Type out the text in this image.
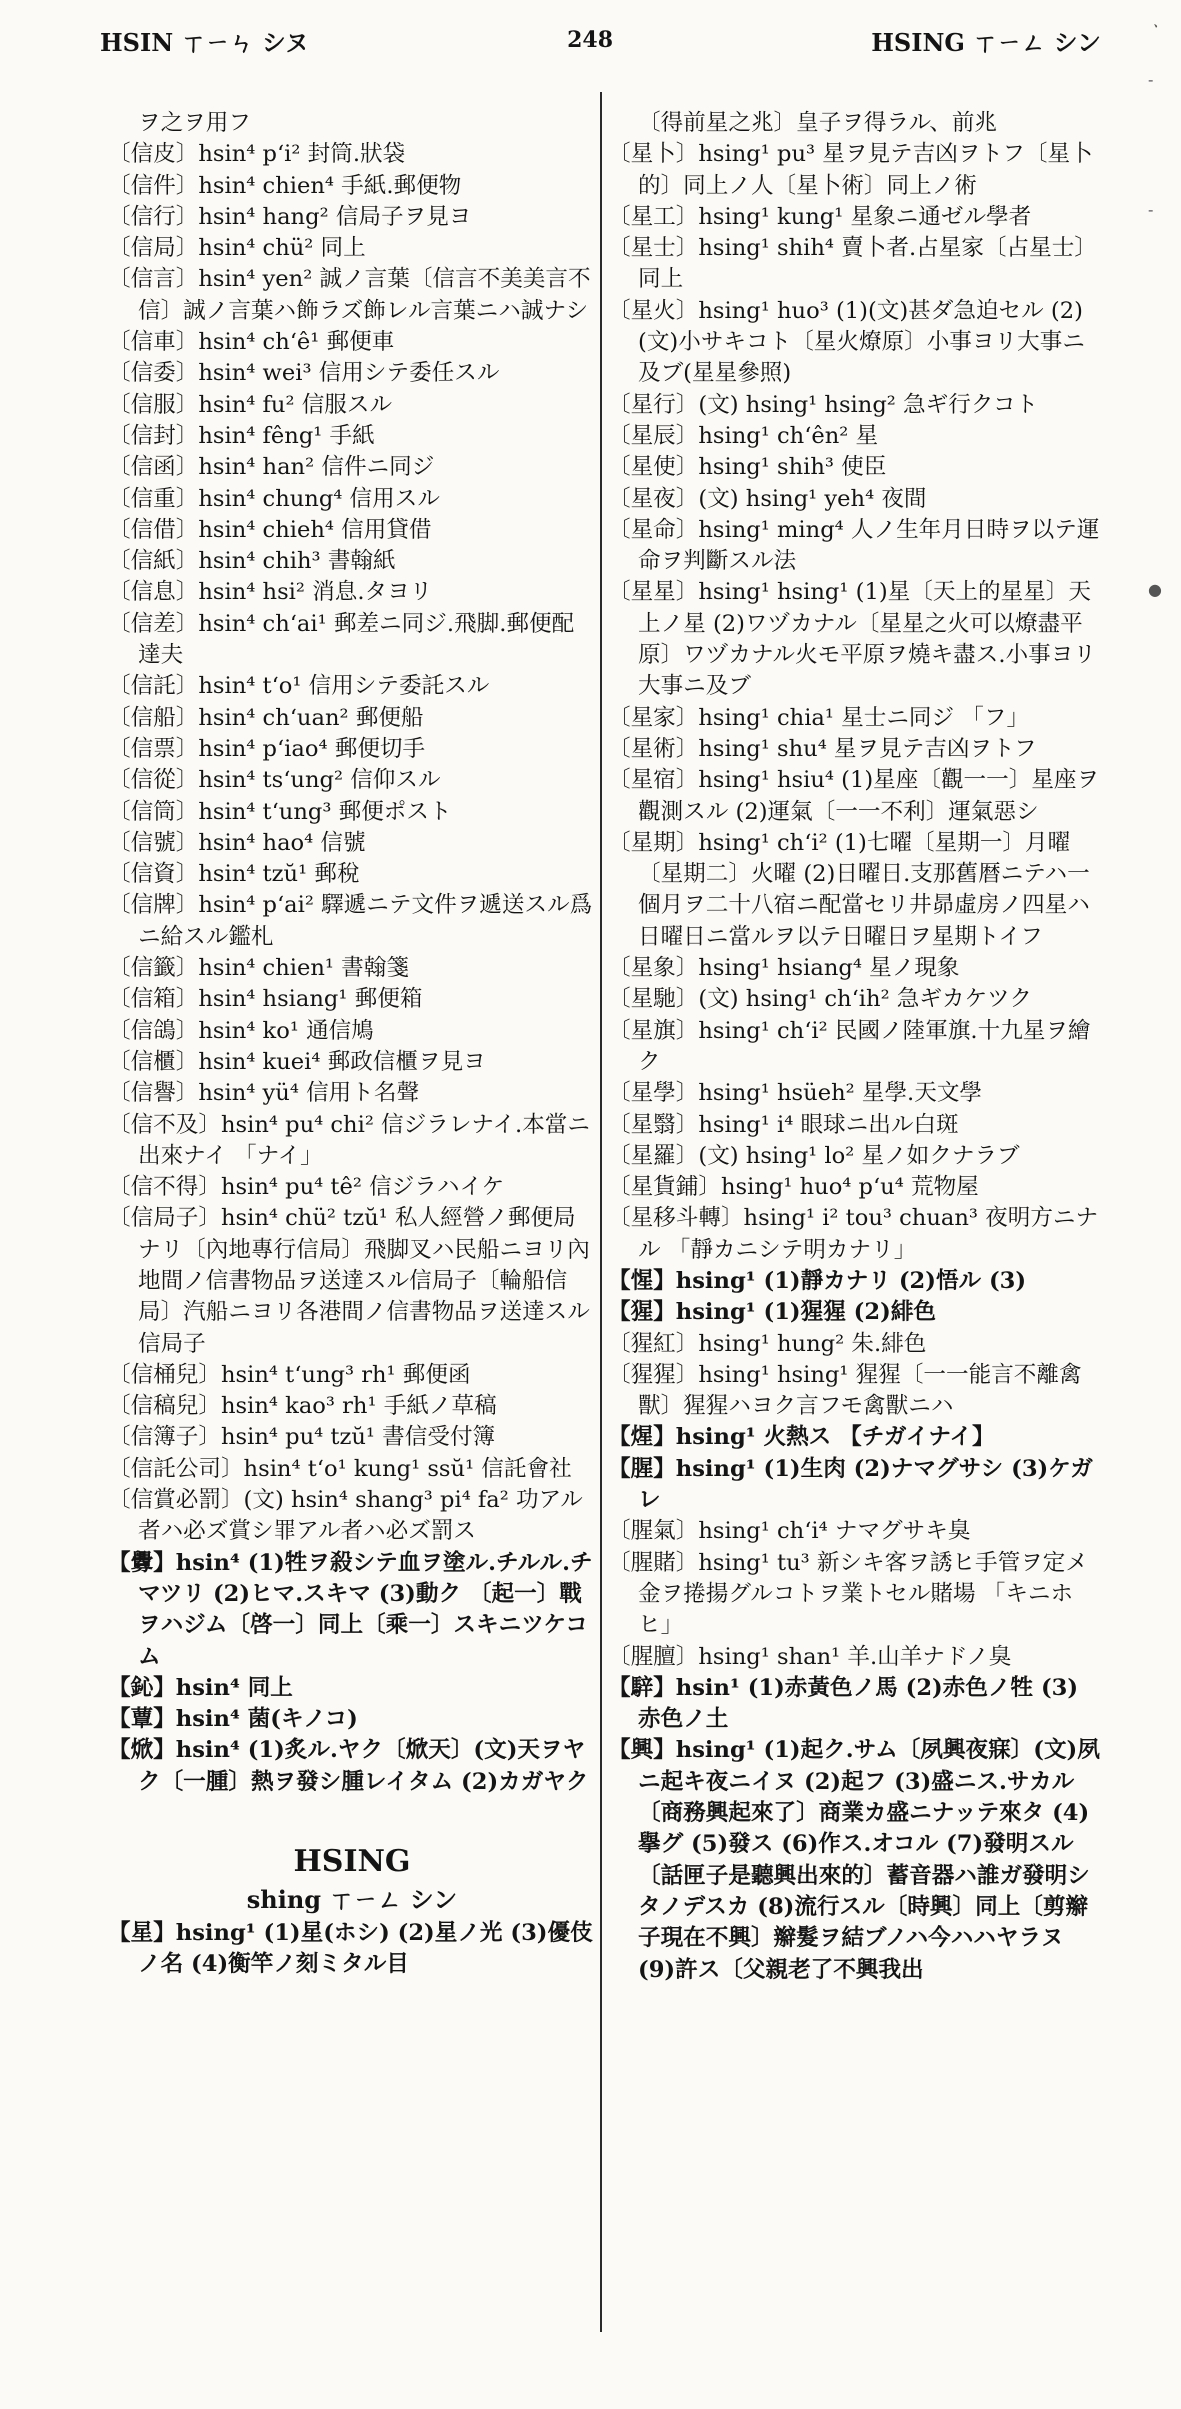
HSIN ㄒㄧㄣ シヌ	248	HSING ㄒㄧㄥ シン

ヲ之ヲ用フ

〔信皮〕hsin⁴ p‘i² 封筒.狀袋

〔信件〕hsin⁴ chien⁴ 手紙.郵便物

〔信行〕hsin⁴ hang² 信局子ヲ見ヨ

〔信局〕hsin⁴ chü² 同上

〔信言〕hsin⁴ yen² 誠ノ言葉〔信言不美美言不信〕誠ノ言葉ハ飾ラズ飾レル言葉ニハ誠ナシ

〔信車〕hsin⁴ ch‘ê¹ 郵便車

〔信委〕hsin⁴ wei³ 信用シテ委任スル

〔信服〕hsin⁴ fu² 信服スル

〔信封〕hsin⁴ fêng¹ 手紙

〔信函〕hsin⁴ han² 信件ニ同ジ

〔信重〕hsin⁴ chung⁴ 信用スル

〔信借〕hsin⁴ chieh⁴ 信用貸借

〔信紙〕hsin⁴ chih³ 書翰紙

〔信息〕hsin⁴ hsi² 消息.タヨリ

〔信差〕hsin⁴ ch‘ai¹ 郵差ニ同ジ.飛脚.郵便配達夫

〔信託〕hsin⁴ t‘o¹ 信用シテ委託スル

〔信船〕hsin⁴ ch‘uan² 郵便船

〔信票〕hsin⁴ p‘iao⁴ 郵便切手

〔信從〕hsin⁴ ts‘ung² 信仰スル

〔信筒〕hsin⁴ t‘ung³ 郵便ポスト

〔信號〕hsin⁴ hao⁴ 信號

〔信資〕hsin⁴ tzŭ¹ 郵稅

〔信牌〕hsin⁴ p‘ai² 驛遞ニテ文件ヲ遞送スル爲ニ給スル鑑札

〔信籤〕hsin⁴ chien¹ 書翰箋

〔信箱〕hsin⁴ hsiang¹ 郵便箱

〔信鴿〕hsin⁴ ko¹ 通信鳩

〔信櫃〕hsin⁴ kuei⁴ 郵政信櫃ヲ見ヨ

〔信譽〕hsin⁴ yü⁴ 信用ト名聲

〔信不及〕hsin⁴ pu⁴ chi² 信ジラレナイ.本當ニ出來ナイ 「ナイ」

〔信不得〕hsin⁴ pu⁴ tê² 信ジラハイケ

〔信局子〕hsin⁴ chü² tzŭ¹ 私人經營ノ郵便局ナリ〔內地專行信局〕飛脚叉ハ民船ニヨリ內地間ノ信書物品ヲ送達スル信局子〔輪船信局〕汽船ニヨリ各港間ノ信書物品ヲ送達スル信局子

〔信桶兒〕hsin⁴ t‘ung³ rh¹ 郵便函

〔信稿兒〕hsin⁴ kao³ rh¹ 手紙ノ草稿

〔信簿子〕hsin⁴ pu⁴ tzŭ¹ 書信受付簿

〔信託公司〕hsin⁴ t‘o¹ kung¹ ssŭ¹ 信託會社

〔信賞必罰〕(文) hsin⁴ shang³ pi⁴ fa² 功アル者ハ必ズ賞シ罪アル者ハ必ズ罰ス

【釁】hsin⁴ (1)牲ヲ殺シテ血ヲ塗ル.チルル.チマツリ (2)ヒマ.スキマ (3)動ク 〔起一〕戰ヲハジム〔啓一〕同上〔乘一〕スキニツケコム

【鈊】hsin⁴ 同上

【蕈】hsin⁴ 菌(キノコ)

【焮】hsin⁴ (1)炙ル.ヤク〔焮天〕(文)天ヲヤク〔一腫〕熱ヲ發シ腫レイタム (2)カガヤク

HSING
shing ㄒㄧㄥ シン

【星】hsing¹ (1)星(ホシ) (2)星ノ光 (3)優伎ノ名 (4)衡竿ノ刻ミタル目

〔得前星之兆〕皇子ヲ得ラル、前兆

〔星卜〕hsing¹ pu³ 星ヲ見テ吉凶ヲトフ〔星卜的〕同上ノ人〔星卜術〕同上ノ術

〔星工〕hsing¹ kung¹ 星象ニ通ゼル學者

〔星士〕hsing¹ shih⁴ 賣卜者.占星家〔占星士〕同上

〔星火〕hsing¹ huo³ (1)(文)甚ダ急迫セル (2)(文)小サキコト〔星火燎原〕小事ヨリ大事ニ及ブ(星星參照)

〔星行〕(文) hsing¹ hsing² 急ギ行クコト

〔星辰〕hsing¹ ch‘ên² 星

〔星使〕hsing¹ shih³ 使臣

〔星夜〕(文) hsing¹ yeh⁴ 夜間

〔星命〕hsing¹ ming⁴ 人ノ生年月日時ヲ以テ運命ヲ判斷スル法

〔星星〕hsing¹ hsing¹ (1)星〔天上的星星〕天上ノ星 (2)ワヅカナル〔星星之火可以燎盡平原〕ワヅカナル火モ平原ヲ燒キ盡ス.小事ヨリ大事ニ及ブ

〔星家〕hsing¹ chia¹ 星士ニ同ジ 「フ」

〔星術〕hsing¹ shu⁴ 星ヲ見テ吉凶ヲトフ

〔星宿〕hsing¹ hsiu⁴ (1)星座〔觀一一〕星座ヲ觀測スル (2)運氣〔一一不利〕運氣惡シ

〔星期〕hsing¹ ch‘i² (1)七曜〔星期一〕月曜〔星期二〕火曜 (2)日曜日.支那舊暦ニテハ一個月ヲ二十八宿ニ配當セリ井昴虛房ノ四星ハ日曜日ニ當ルヲ以テ日曜日ヲ星期トイフ

〔星象〕hsing¹ hsiang⁴ 星ノ現象

〔星馳〕(文) hsing¹ ch‘ih² 急ギカケツク

〔星旗〕hsing¹ ch‘i² 民國ノ陸軍旗.十九星ヲ繪ク

〔星學〕hsing¹ hsüeh² 星學.天文學

〔星翳〕hsing¹ i⁴ 眼球ニ出ル白斑

〔星羅〕(文) hsing¹ lo² 星ノ如クナラブ

〔星貨鋪〕hsing¹ huo⁴ p‘u⁴ 荒物屋

〔星移斗轉〕hsing¹ i² tou³ chuan³ 夜明方ニナル 「靜カニシテ明カナリ」

【惺】hsing¹ (1)靜カナリ (2)悟ル (3)

【猩】hsing¹ (1)猩猩 (2)緋色

〔猩紅〕hsing¹ hung² 朱.緋色

〔猩猩〕hsing¹ hsing¹ 猩猩〔一一能言不離禽獸〕猩猩ハヨク言フモ禽獸ニハ

【煋】hsing¹ 火熱ス 【チガイナイ】

【腥】hsing¹ (1)生肉 (2)ナマグサシ (3)ケガレ

〔腥氣〕hsing¹ ch‘i⁴ ナマグサキ臭

〔腥賭〕hsing¹ tu³ 新シキ客ヲ誘ヒ手管ヲ定メ金ヲ捲揚グルコトヲ業トセル賭場 「キニホヒ」

〔腥膻〕hsing¹ shan¹ 羊.山羊ナドノ臭

【騂】hsin¹ (1)赤黃色ノ馬 (2)赤色ノ牲 (3)赤色ノ土

【興】hsing¹ (1)起ク.サム〔夙興夜寐〕(文)夙ニ起キ夜ニイヌ (2)起フ (3)盛ニス.サカル〔商務興起來了〕商業カ盛ニナッテ來タ (4)擧グ (5)發ス (6)作ス.オコル (7)發明スル〔話匣子是聽興出來的〕蓄音器ハ誰ガ發明シタノデスカ (8)流行スル〔時興〕同上〔剪辮子現在不興〕辮髮ヲ結ブノハ今ハハヤラヌ (9)許ス〔父親老了不興我出

ㆍ
-
-
●
